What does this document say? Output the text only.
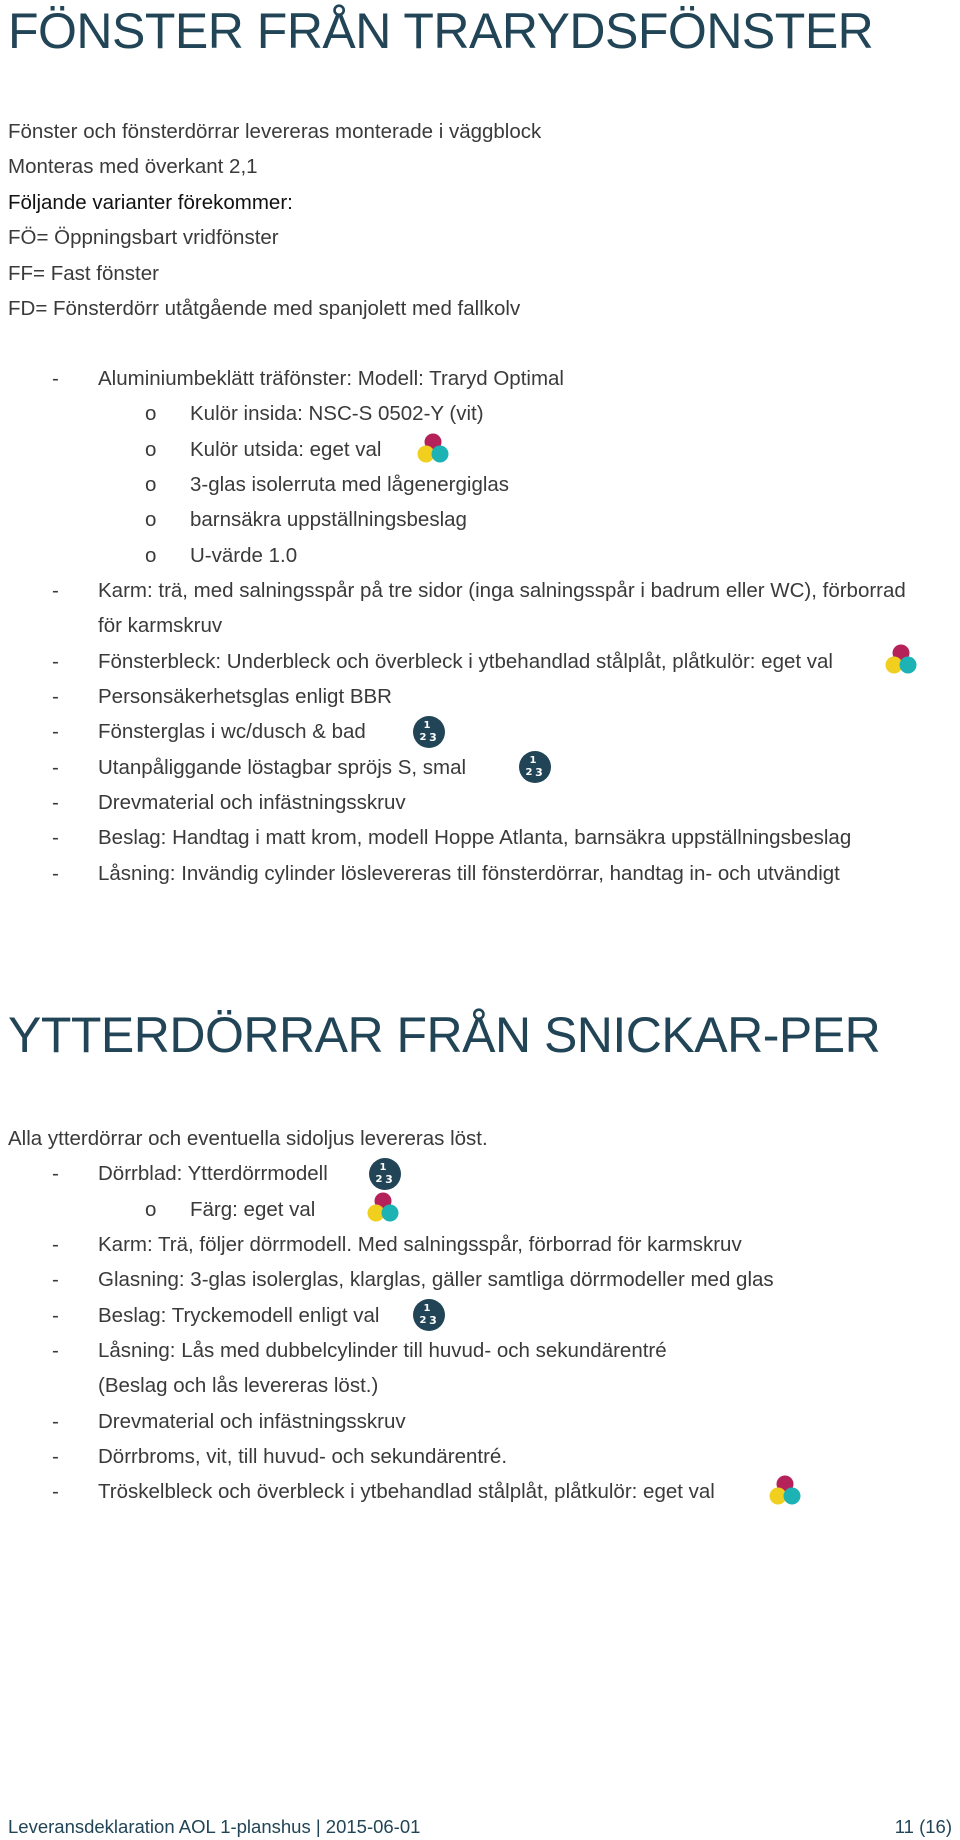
FÖNSTER FRÅN TRARYDSFÖNSTER
Fönster och fönsterdörrar levereras monterade i väggblock
Monteras med överkant 2,1
Följande varianter förekommer:
FÖ= Öppningsbart vridfönster
FF= Fast fönster
FD= Fönsterdörr utåtgående med spanjolett med fallkolv
- Aluminiumbeklätt träfönster: Modell: Traryd Optimal
o Kulör insida: NSC-S 0502-Y (vit)
o Kulör utsida: eget val
o 3-glas isolerruta med lågenergiglas
o barnsäkra uppställningsbeslag
o U-värde 1.0
- Karm: trä, med salningsspår på tre sidor (inga salningsspår i badrum eller WC), förborrad
för karmskruv
- Fönsterbleck: Underbleck och överbleck i ytbehandlad stålplåt, plåtkulör: eget val
- Personsäkerhetsglas enligt BBR
- Fönsterglas i wc/dusch & bad
- Utanpåliggande löstagbar spröjs S, smal
- Drevmaterial och infästningsskruv
- Beslag: Handtag i matt krom, modell Hoppe Atlanta, barnsäkra uppställningsbeslag
- Låsning: Invändig cylinder löslevereras till fönsterdörrar, handtag in- och utvändigt
YTTERDÖRRAR FRÅN SNICKAR-PER
Alla ytterdörrar och eventuella sidoljus levereras löst.
- Dörrblad: Ytterdörrmodell
o Färg: eget val
- Karm: Trä, följer dörrmodell. Med salningsspår, förborrad för karmskruv
- Glasning: 3-glas isolerglas, klarglas, gäller samtliga dörrmodeller med glas
- Beslag: Tryckemodell enligt val
- Låsning: Lås med dubbelcylinder till huvud- och sekundärentré
(Beslag och lås levereras löst.)
- Drevmaterial och infästningsskruv
- Dörrbroms, vit, till huvud- och sekundärentré.
- Tröskelbleck och överbleck i ytbehandlad stålplåt, plåtkulör: eget val
Leveransdeklaration AOL 1-planshus | 2015-06-01	11 (16)
